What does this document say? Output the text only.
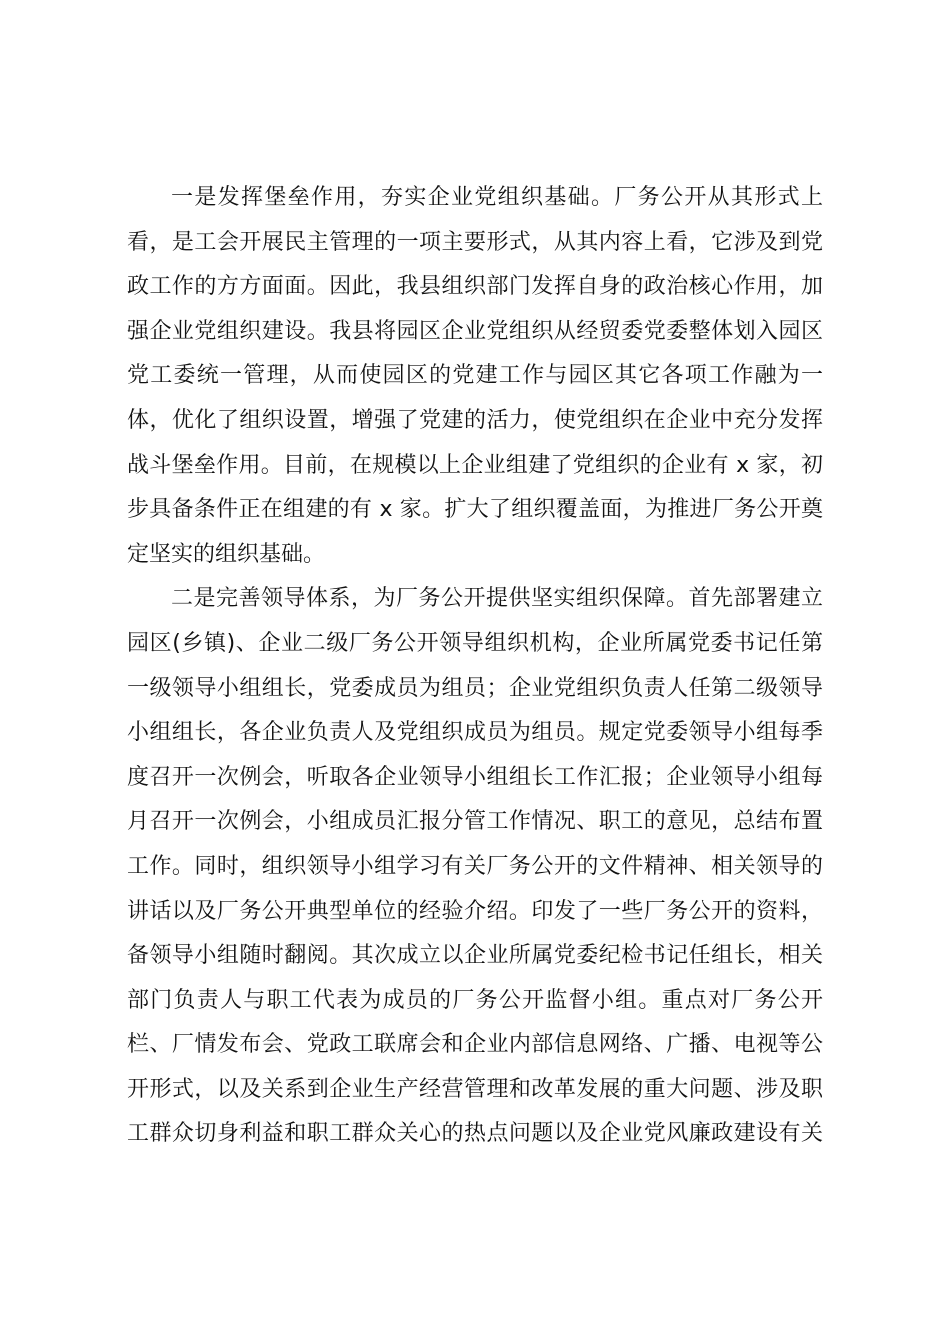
一是发挥堡垒作用，夯实企业党组织基础。厂务公开从其形式上
看，是工会开展民主管理的一项主要形式，从其内容上看，它涉及到党
政工作的方方面面。因此，我县组织部门发挥自身的政治核心作用，加
强企业党组织建设。我县将园区企业党组织从经贸委党委整体划入园区
党工委统一管理，从而使园区的党建工作与园区其它各项工作融为一
体，优化了组织设置，增强了党建的活力，使党组织在企业中充分发挥
战斗堡垒作用。目前，在规模以上企业组建了党组织的企业有 x 家，初
步具备条件正在组建的有 x 家。扩大了组织覆盖面，为推进厂务公开奠
定坚实的组织基础。
二是完善领导体系，为厂务公开提供坚实组织保障。首先部署建立
园区(乡镇)、企业二级厂务公开领导组织机构，企业所属党委书记任第
一级领导小组组长，党委成员为组员；企业党组织负责人任第二级领导
小组组长，各企业负责人及党组织成员为组员。规定党委领导小组每季
度召开一次例会，听取各企业领导小组组长工作汇报；企业领导小组每
月召开一次例会，小组成员汇报分管工作情况、职工的意见，总结布置
工作。同时，组织领导小组学习有关厂务公开的文件精神、相关领导的
讲话以及厂务公开典型单位的经验介绍。印发了一些厂务公开的资料，
备领导小组随时翻阅。其次成立以企业所属党委纪检书记任组长，相关
部门负责人与职工代表为成员的厂务公开监督小组。重点对厂务公开
栏、厂情发布会、党政工联席会和企业内部信息网络、广播、电视等公
开形式，以及关系到企业生产经营管理和改革发展的重大问题、涉及职
工群众切身利益和职工群众关心的热点问题以及企业党风廉政建设有关
